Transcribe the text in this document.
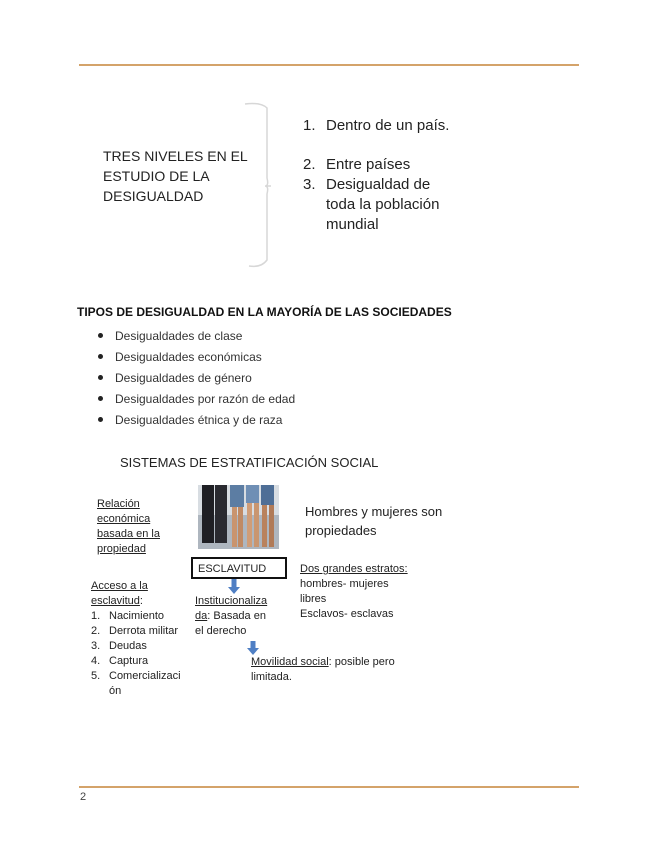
TRES NIVELES EN EL ESTUDIO DE LA DESIGUALDAD
1. Dentro de un país.
2. Entre países
3. Desigualdad de toda la población mundial
TIPOS DE DESIGUALDAD EN LA MAYORÍA DE LAS SOCIEDADES
Desigualdades de clase
Desigualdades económicas
Desigualdades de género
Desigualdades por razón de edad
Desigualdades étnica y de raza
SISTEMAS DE ESTRATIFICACIÓN SOCIAL
Relación económica basada en la propiedad
Hombres y mujeres son propiedades
ESCLAVITUD
Acceso a la esclavitud:
1. Nacimiento
2. Derrota militar
3. Deudas
4. Captura
5. Comercializaci ón
Institucionaliza da: Basada en el derecho
Dos grandes estratos:
hombres- mujeres libres
Esclavos- esclavas
Movilidad social: posible pero limitada.
2
